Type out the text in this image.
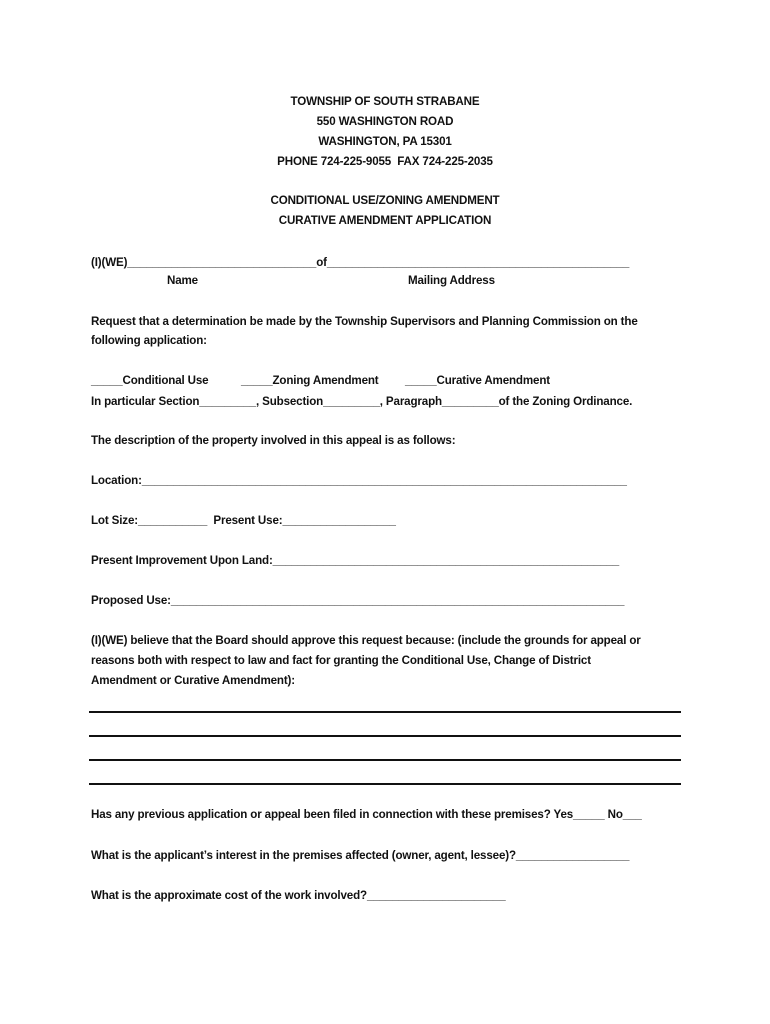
TOWNSHIP OF SOUTH STRABANE

550 WASHINGTON ROAD

WASHINGTON, PA 15301

PHONE 724-225-9055  FAX 724-225-2035

CONDITIONAL USE/ZONING AMENDMENT

CURATIVE AMENDMENT APPLICATION

(I)(WE)______________________________of________________________________________________

Name	Mailing Address

Request that a determination be made by the Township Supervisors and Planning Commission on the

following application:

_____Conditional Use	_____Zoning Amendment _____Curative Amendment

In particular Section_________, Subsection_________, Paragraph_________of the Zoning Ordinance.

The description of the property involved in this appeal is as follows:

Location:_____________________________________________________________________________

Lot Size:___________  Present Use:__________________

Present Improvement Upon Land:_______________________________________________________

Proposed Use:________________________________________________________________________

(I)(WE) believe that the Board should approve this request because: (include the grounds for appeal or

reasons both with respect to law and fact for granting the Conditional Use, Change of District

Amendment or Curative Amendment):

Has any previous application or appeal been filed in connection with these premises? Yes_____ No___

What is the applicant’s interest in the premises affected (owner, agent, lessee)?__________________

What is the approximate cost of the work involved?______________________
